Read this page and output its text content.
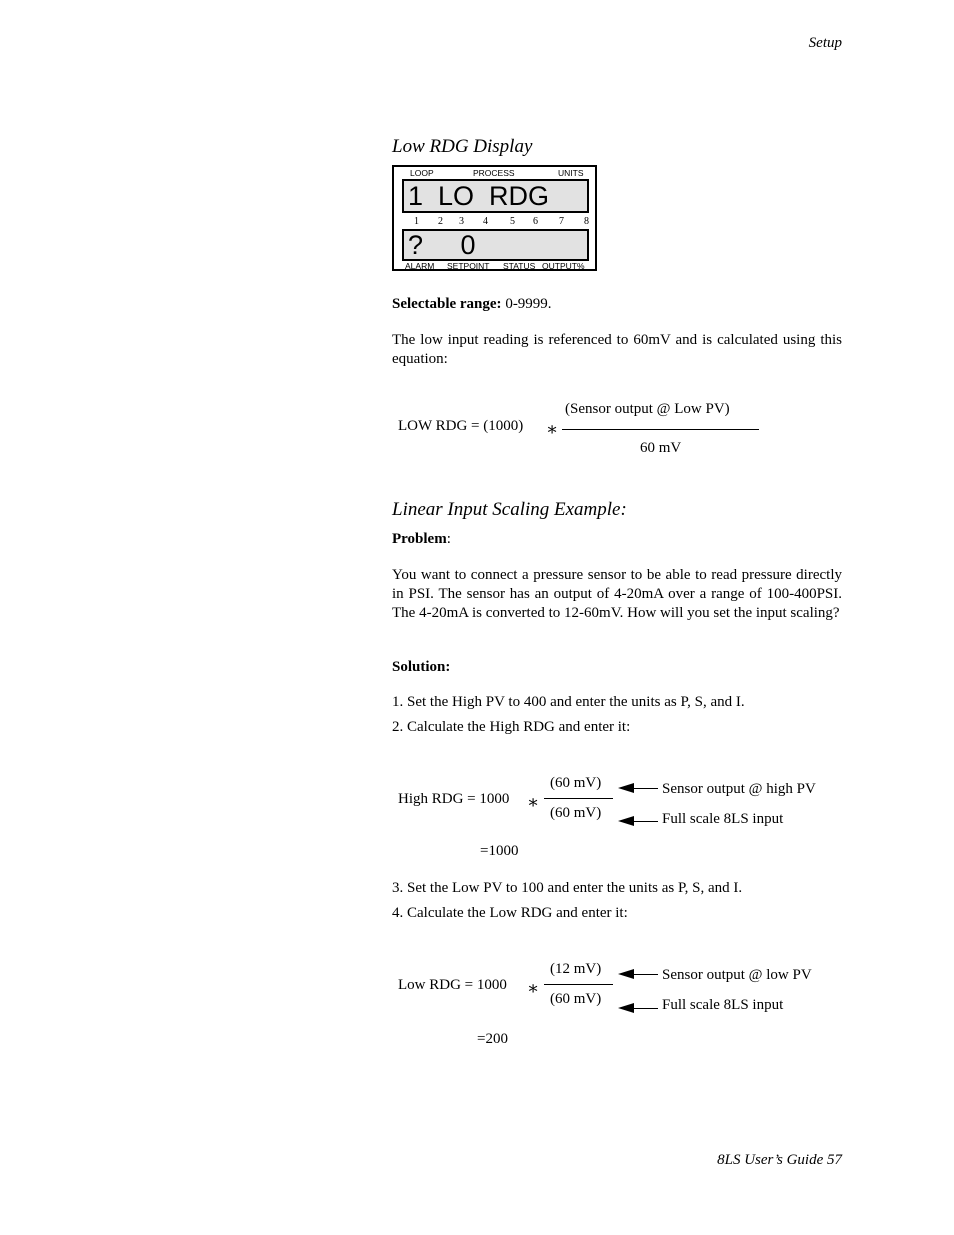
Setup
Low RDG Display
LOOP	PROCESS	UNITS
1  LO  RDG
1 2 3 4 5 6 7 8
?     0
ALARM SETPOINT STATUS OUTPUT%
Selectable range: 0-9999.
The low input reading is referenced to 60mV and is calculated using this equation:
LOW RDG = (1000) ∗
(Sensor output @ Low PV)
60 mV
Linear Input Scaling Example:
Problem:
You want to connect a pressure sensor to be able to read pressure directly in PSI. The sensor has an output of 4-20mA over a range of 100-400PSI. The 4-20mA is converted to 12-60mV. How will you set the input scaling?
Solution:
1. Set the High PV to 400 and enter the units as P, S, and I.
2. Calculate the High RDG and enter it:
High RDG = 1000 ∗
(60 mV)
(60 mV)
Sensor output @ high PV
Full scale 8LS input
=1000
3. Set the Low PV to 100 and enter the units as P, S, and I.
4. Calculate the Low RDG and enter it:
Low RDG = 1000 ∗
(12 mV)
(60 mV)
Sensor output @ low PV
Full scale 8LS input
=200
8LS User’s Guide 57
